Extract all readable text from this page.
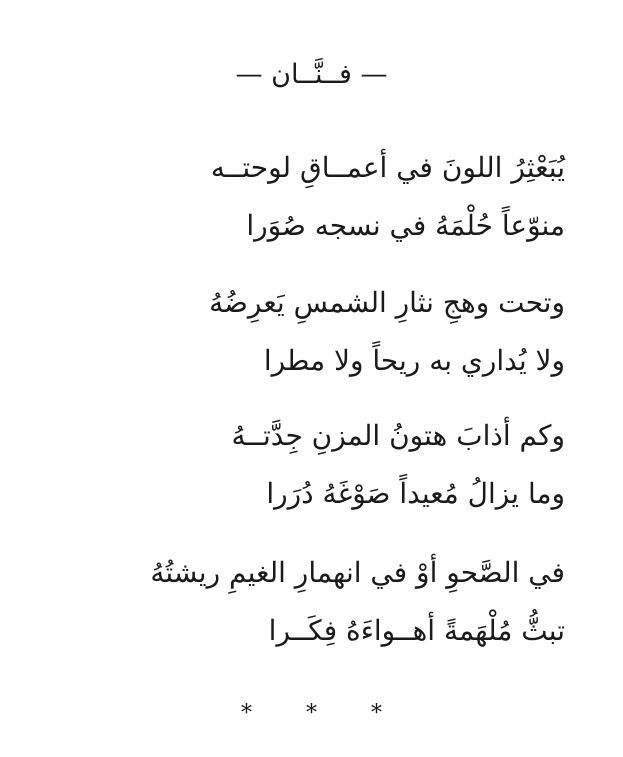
— فــنَّــان —

يُبَعْثِرُ اللونَ في أعمــاقِ لوحتــه

منوّعاً حُلْمَهُ في نسجه صُوَرا

وتحت وهجِ نثارِ الشمسِ يَعرِضُهُ

ولا يُداري به ريحاً ولا مطرا

وكم أذابَ هتونُ المزنِ جِدَّتــهُ

وما يزالُ مُعيداً صَوْغَهُ دُرَرا

في الصَّحوِ أوْ في انهمارِ الغيمِ ريشتُهُ

تبثُّ مُلْهَمةً أهــواءَهُ فِكَــرا

* * *
